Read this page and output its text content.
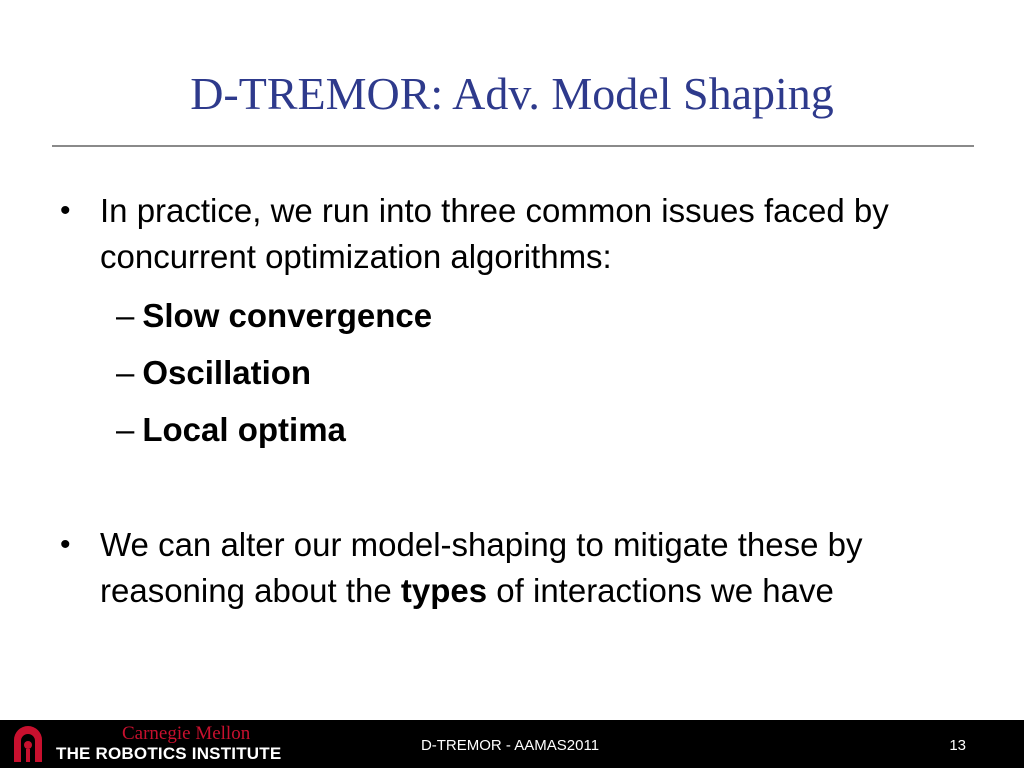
D-TREMOR: Adv. Model Shaping
• In practice, we run into three common issues faced by concurrent optimization algorithms:
– Slow convergence
– Oscillation
– Local optima
• We can alter our model-shaping to mitigate these by reasoning about the types of interactions we have
Carnegie Mellon
THE ROBOTICS INSTITUTE	D-TREMOR - AAMAS2011	13
